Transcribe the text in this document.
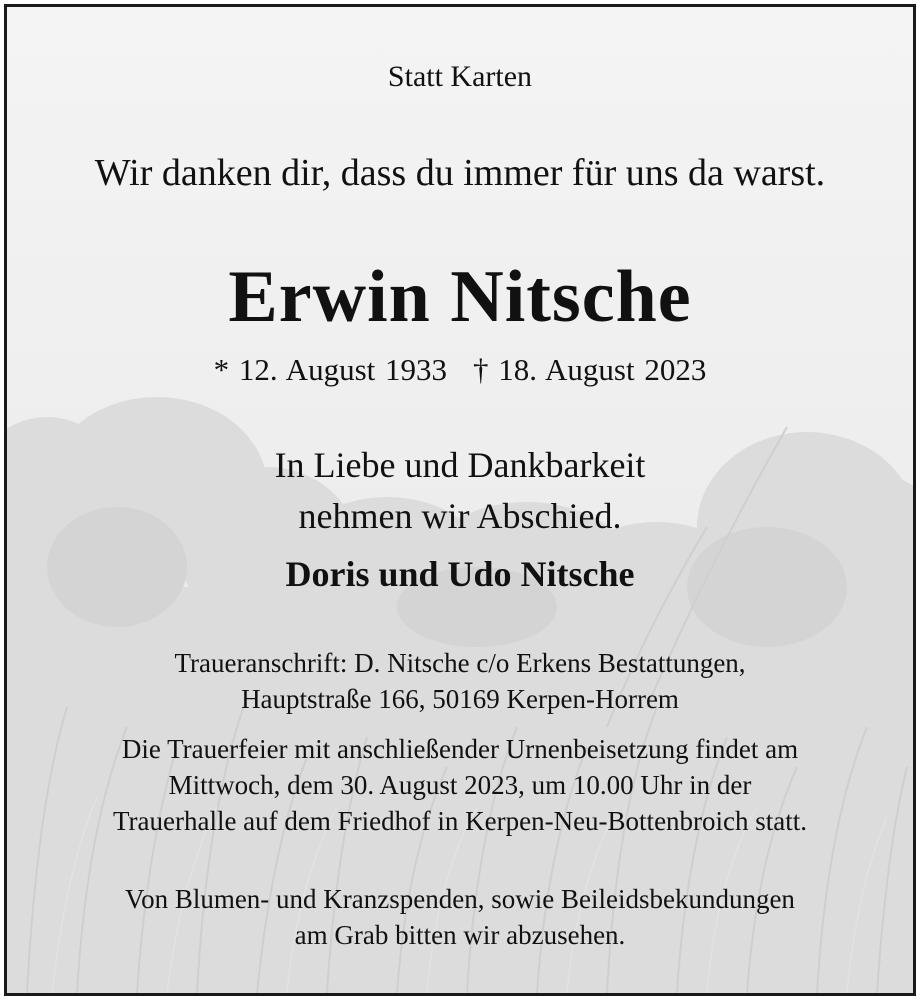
Statt Karten
Wir danken dir, dass du immer für uns da warst.
Erwin Nitsche
* 12. August 1933 † 18. August 2023
In Liebe und Dankbarkeit
nehmen wir Abschied.
Doris und Udo Nitsche
Traueranschrift: D. Nitsche c/o Erkens Bestattungen,
Hauptstraße 166, 50169 Kerpen-Horrem
Die Trauerfeier mit anschließender Urnenbeisetzung findet am
Mittwoch, dem 30. August 2023, um 10.00 Uhr in der
Trauerhalle auf dem Friedhof in Kerpen-Neu-Bottenbroich statt.
Von Blumen- und Kranzspenden, sowie Beileidsbekundungen
am Grab bitten wir abzusehen.
